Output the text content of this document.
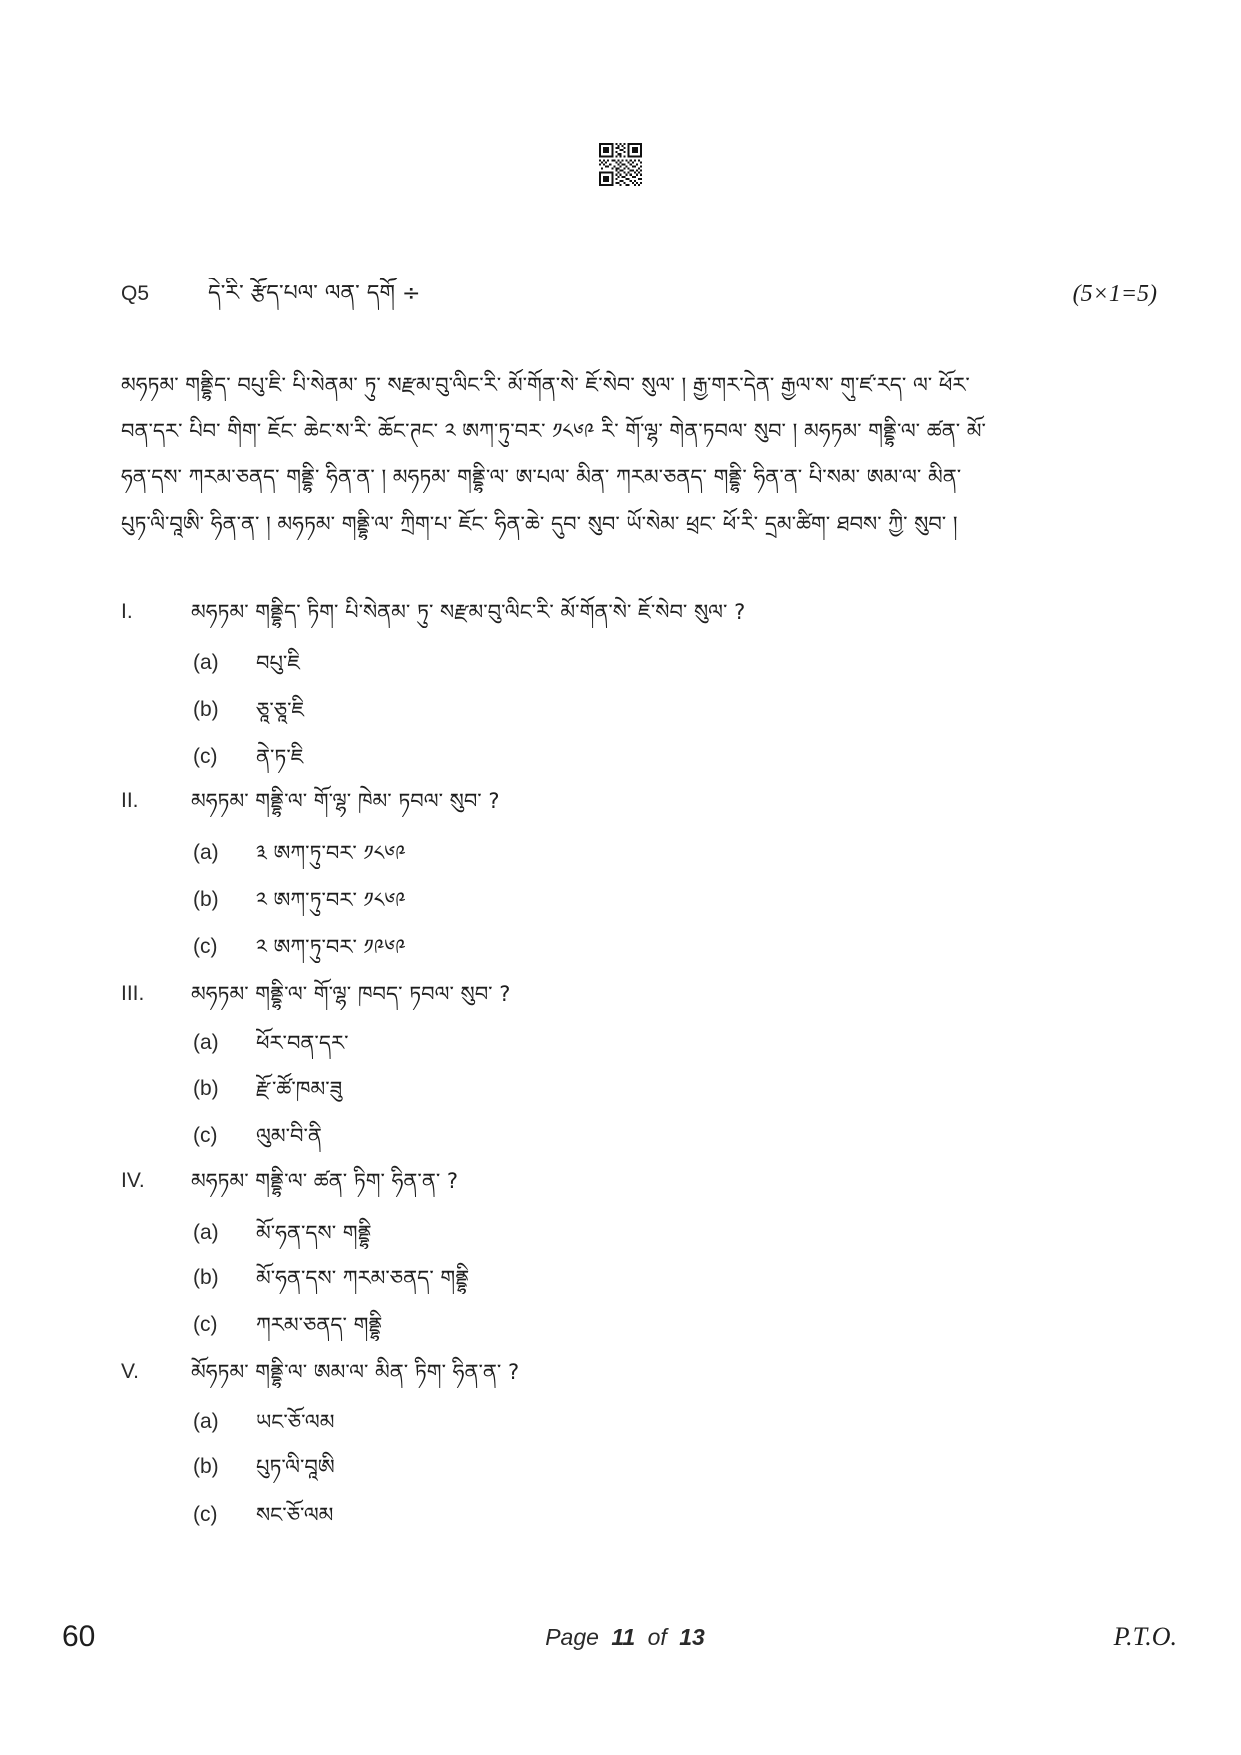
Q5	དེ་རི་ རྩོད་པལ་ ལན་ དགོ ÷	(5×1=5)
མཧཏམ་ གནྡྷིད་ བཔུ་ཇི་ པི་སེནམ་ ཏུ་ སརྫམ་བུ་ལིང་རི་ མོ་གོན་སེ་ ཇོ་སེབ་ སུལ་ ། རྒྱ་གར་དེན་ རྒྱལ་ས་ གུ་ཛ་རད་ ལ་ ཕོར་
བན་དར་ པིབ་ གིག་ ཇོང་ ཆེང་ས་རི་ ཆོང་ཊང་ ༢ ཨཀ་ཏུ་བར་ ༡༨༦༩ རི་ གོ་ལྷ་ གེན་ཏབལ་ སུབ་ ། མཧཏམ་ གནྡྷི་ལ་ ཚན་ མོ་
ཧན་དས་ ཀརམ་ཅནད་ གནྡྷི་ ཧིན་ན་ ། མཧཏམ་ གནྡྷི་ལ་ ཨ་པལ་ མིན་ ཀརམ་ཅནད་ གནྡྷི་ ཧིན་ན་ པི་སམ་ ཨམ་ལ་ མིན་
པུཏ་ལི་བཱཨི་ ཧིན་ན་ ། མཧཏམ་ གནྡྷི་ལ་ ཀྲིག་པ་ ཇོང་ ཧིན་ཆེ་ དུབ་ སུབ་ ཡོ་སེམ་ ཕྲང་ ཕོ་རི་ དྲམ་ཚིག་ ཐབས་ ཀྱི་ སུབ་ །
I.	མཧཏམ་ གནྡྷིད་ ཏིག་ པི་སེནམ་ ཏུ་ སརྫམ་བུ་ལིང་རི་ མོ་གོན་སེ་ ཇོ་སེབ་ སུལ་ ?
(a)	བཔུ་ཇི
(b)	ཅཱ་ཅཱ་ཇི
(c)	ནེ་ཏ་ཇི
II.	མཧཏམ་ གནྡྷི་ལ་ གོ་ལྷ་ ཁེམ་ ཏབལ་ སུབ་ ?
(a)	༣ ཨཀ་ཏུ་བར་ ༡༨༦༩
(b)	༢ ཨཀ་ཏུ་བར་ ༡༨༦༩
(c)	༢ ཨཀ་ཏུ་བར་ ༡༩༦༩
III.	མཧཏམ་ གནྡྷི་ལ་ གོ་ལྷ་ ཁབད་ ཏབལ་ སུབ་ ?
(a)	ཕོར་བན་དར་
(b)	རྫོ་ཚོ་ཁམ་ཟུ
(c)	ལུམ་བི་ནི
IV.	མཧཏམ་ གནྡྷི་ལ་ ཚན་ ཏིག་ ཧིན་ན་ ?
(a)	མོ་ཧན་དས་ གནྡྷི
(b)	མོ་ཧན་དས་ ཀརམ་ཅནད་ གནྡྷི
(c)	ཀརམ་ཅནད་ གནྡྷི
V.	མོཧཏམ་ གནྡྷི་ལ་ ཨམ་ལ་ མིན་ ཏིག་ ཧིན་ན་ ?
(a)	ཡང་ཅོ་ལམ
(b)	པུཏ་ལི་བཱཨི
(c)	སང་ཅོ་ལམ
60	Page 11 of 13	P.T.O.
